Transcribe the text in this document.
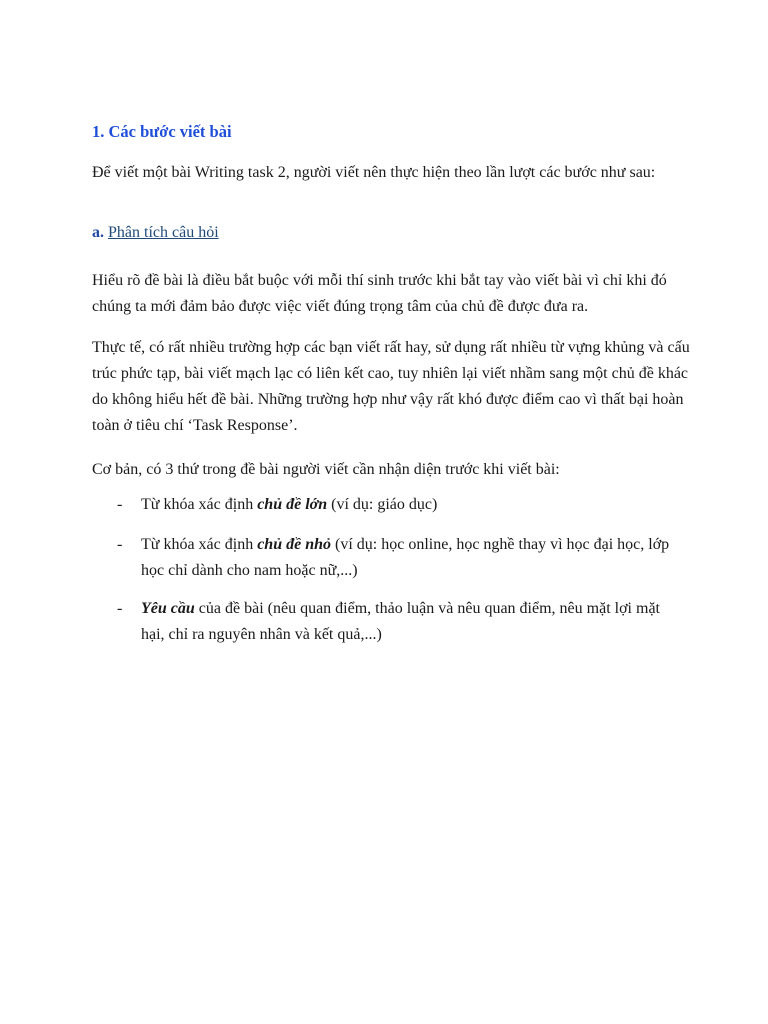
1. Các bước viết bài

Để viết một bài Writing task 2, người viết nên thực hiện theo lần lượt các bước như sau:

a. Phân tích câu hỏi

Hiểu rõ đề bài là điều bắt buộc với mỗi thí sinh trước khi bắt tay vào viết bài vì chỉ khi đó chúng ta mới đảm bảo được việc viết đúng trọng tâm của chủ đề được đưa ra.

Thực tế, có rất nhiều trường hợp các bạn viết rất hay, sử dụng rất nhiều từ vựng khủng và cấu trúc phức tạp, bài viết mạch lạc có liên kết cao, tuy nhiên lại viết nhầm sang một chủ đề khác do không hiểu hết đề bài. Những trường hợp như vậy rất khó được điểm cao vì thất bại hoàn toàn ở tiêu chí ‘Task Response’.

Cơ bản, có 3 thứ trong đề bài người viết cần nhận diện trước khi viết bài:

- Từ khóa xác định chủ đề lớn (ví dụ: giáo dục)
- Từ khóa xác định chủ đề nhỏ (ví dụ: học online, học nghề thay vì học đại học, lớp học chỉ dành cho nam hoặc nữ,...)
- Yêu cầu của đề bài (nêu quan điểm, thảo luận và nêu quan điểm, nêu mặt lợi mặt hại, chỉ ra nguyên nhân và kết quả,...)
